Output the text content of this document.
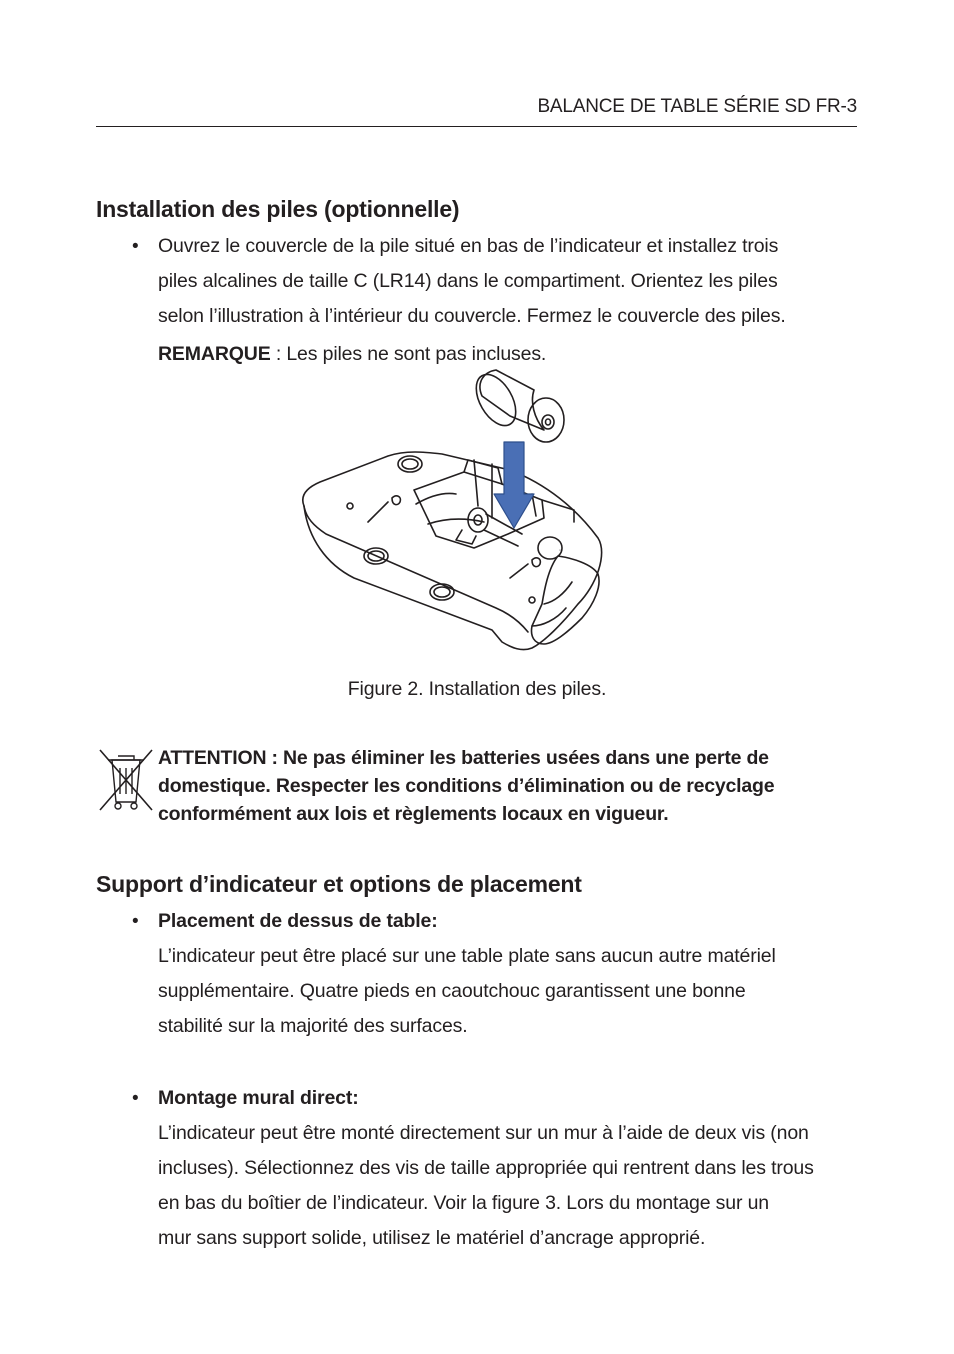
BALANCE DE TABLE SÉRIE SD FR-3
Installation des piles (optionnelle)
• Ouvrez le couvercle de la pile situé en bas de l’indicateur et installez trois
piles alcalines de taille C (LR14) dans le compartiment. Orientez les piles
selon l’illustration à l’intérieur du couvercle. Fermez le couvercle des piles.
REMARQUE : Les piles ne sont pas incluses.
Figure 2. Installation des piles.
ATTENTION : Ne pas éliminer les batteries usées dans une perte de
domestique. Respecter les conditions d’élimination ou de recyclage
conformément aux lois et règlements locaux en vigueur.
Support d’indicateur et options de placement
• Placement de dessus de table:
L’indicateur peut être placé sur une table plate sans aucun autre matériel
supplémentaire. Quatre pieds en caoutchouc garantissent une bonne
stabilité sur la majorité des surfaces.
• Montage mural direct:
L’indicateur peut être monté directement sur un mur à l’aide de deux vis (non
incluses). Sélectionnez des vis de taille appropriée qui rentrent dans les trous
en bas du boîtier de l’indicateur. Voir la figure 3. Lors du montage sur un
mur sans support solide, utilisez le matériel d’ancrage approprié.
